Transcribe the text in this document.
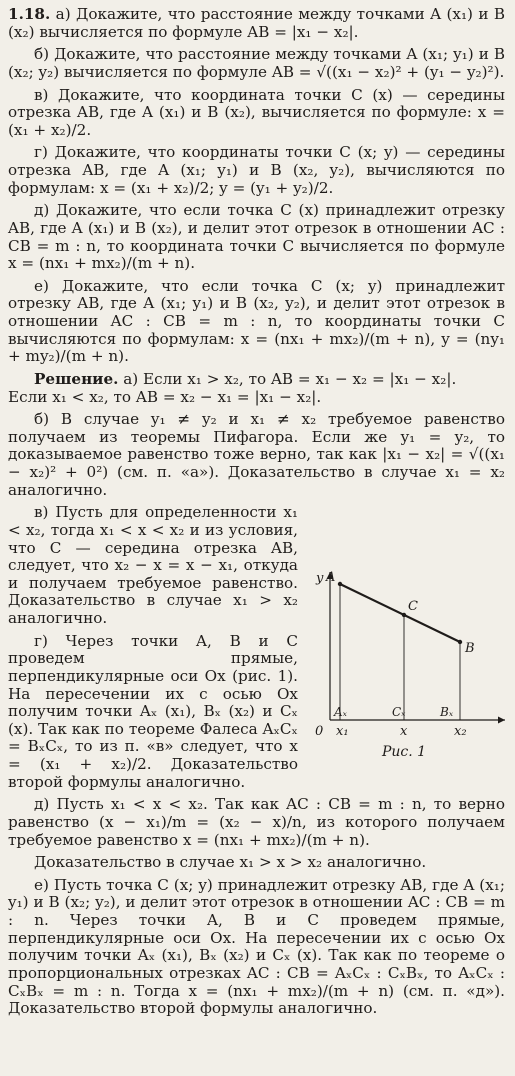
1.18. а) Докажите, что расстояние между точками A (x₁) и B (x₂) вычисляется по формуле AB = |x₁ − x₂|.

б) Докажите, что расстояние между точками A (x₁; y₁) и B (x₂; y₂) вычисляется по формуле AB = √((x₁ − x₂)² + (y₁ − y₂)²).

в) Докажите, что координата точки C (x) — середины отрезка AB, где A (x₁) и B (x₂), вычисляется по формуле: x = (x₁ + x₂)/2.

г) Докажите, что координаты точки C (x; y) — середины отрезка AB, где A (x₁; y₁) и B (x₂, y₂), вычисляются по формулам: x = (x₁ + x₂)/2; y = (y₁ + y₂)/2.

д) Докажите, что если точка C (x) принадлежит отрезку AB, где A (x₁) и B (x₂), и делит этот отрезок в отношении AC : CB = m : n, то координата точки C вычисляется по формуле x = (nx₁ + mx₂)/(m + n).

е) Докажите, что если точка C (x; y) принадлежит отрезку AB, где A (x₁; y₁) и B (x₂, y₂), и делит этот отрезок в отношении AC : CB = m : n, то координаты точки C вычисляются по формулам: x = (nx₁ + mx₂)/(m + n), y = (ny₁ + my₂)/(m + n).

Решение. а) Если x₁ > x₂, то AB = x₁ − x₂ = |x₁ − x₂|.
Если x₁ < x₂, то AB = x₂ − x₁ = |x₁ − x₂|.

б) В случае y₁ ≠ y₂ и x₁ ≠ x₂ требуемое равенство получаем из теоремы Пифагора. Если же y₁ = y₂, то доказываемое равенство тоже верно, так как |x₁ − x₂| = √((x₁ − x₂)² + 0²) (см. п. «а»). Доказательство в случае x₁ = x₂ аналогично.

в) Пусть для определенности x₁ < x₂, тогда x₁ < x < x₂ и из условия, что C — середина отрезка AB, следует, что x₂ − x = x − x₁, откуда и получаем требуемое равенство. Доказательство в случае x₁ > x₂ аналогично.

г) Через точки A, B и C проведем прямые, перпендикулярные оси Ox (рис. 1). На пересечении их с осью Ox получим точки Aₓ (x₁), Bₓ (x₂) и Cₓ (x). Так как по теореме Фалеса AₓCₓ = BₓCₓ, то из п. «в» следует, что x = (x₁ + x₂)/2. Доказательство второй формулы аналогично.

д) Пусть x₁ < x < x₂. Так как AC : CB = m : n, то верно равенство (x − x₁)/m = (x₂ − x)/n, из которого получаем требуемое равенство x = (nx₁ + mx₂)/(m + n).

Доказательство в случае x₁ > x > x₂ аналогично.

е) Пусть точка C (x; y) принадлежит отрезку AB, где A (x₁; y₁) и B (x₂; y₂), и делит этот отрезок в отношении AC : CB = m : n. Через точки A, B и C проведем прямые, перпендикулярные оси Ox. На пересечении их с осью Ox получим точки Aₓ (x₁), Bₓ (x₂) и Cₓ (x). Так как по теореме о пропорциональных отрезках AC : CB = AₓCₓ : CₓBₓ, то AₓCₓ : CₓBₓ = m : n. Тогда x = (nx₁ + mx₂)/(m + n) (см. п. «д»). Доказательство второй формулы аналогично.

y A
C
B
Aₓ	Cₓ	Bₓ
0 x₁	x	x₂
Рис. 1
